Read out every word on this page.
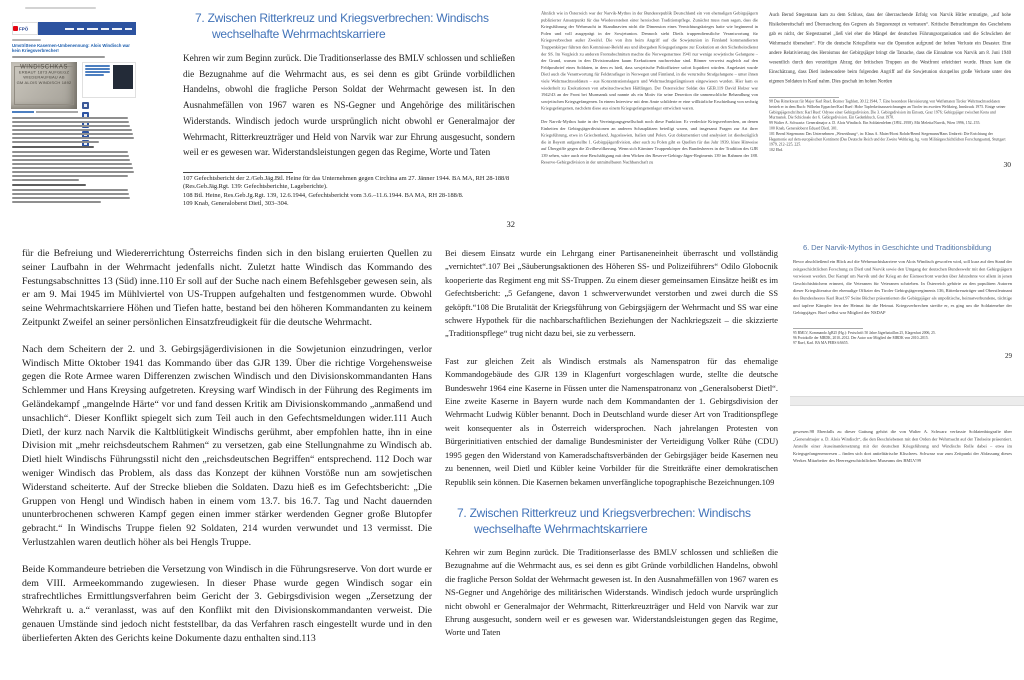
FPÖ
Umstrittene Kasernen-Umbenennung: Alois Windisch war kein Kriegsverbrecher!
WINDISCHKAS
ERBAUT 1873 AUFGEGZ
WIEDERAUFBAU AB
GM ALOIS WINDISCH 1892
7. Zwischen Ritterkreuz und Kriegsverbrechen: Windischs wechselhafte Wehrmachtskarriere
Kehren wir zum Beginn zurück. Die Traditionserlasse des BMLV schlossen und schließen die Bezugnahme auf die Wehrmacht aus, es sei denn es gibt Gründe vorbildlichen Handelns, obwohl die fragliche Person Soldat der Wehrmacht gewesen ist. In den Ausnahmefällen von 1967 waren es NS-Gegner und Angehörige des militärischen Widerstands. Windisch jedoch wurde ursprünglich nicht obwohl er Generalmajor der Wehrmacht, Ritterkreuzträger und Held von Narvik war zur Ehrung ausgesucht, sondern weil er es gewesen war. Widerstandsleistungen gegen das Regime, Worte und Taten
107 Gefechtsbericht der 2./Geb.Jäg.Btl. Heine für das Unternehmen gegen Circhina am 27. Jänner 1944. BA MA, RH 28-188/8 (Res.Geb.Jäg.Rgt. 139: Gefechtsberichte, Lageberichte).
108 Btl. Heine, Res.Geb.Jg.Rgt. 139, 12.6.1944, Gefechtsbericht vom 3.6.–11.6.1944. BA MA, RH 28-188/8.
109 Knab, Generaloberst Dietl, 303–304.
32
Ähnlich wie in Österreich war der Narvik-Mythos in der Bundesrepublik Deutschland ein von ehemaligen Gebirgsjägern publizierter Ansatzpunkt für das Wiedererstehen einer heroischen Traditionspflege. Zunächst muss man sagen, dass die Kriegsführung der Wehrmacht in Skandinavien nicht die Dimension eines Vernichtungskrieges hatte wie beginnend in Polen und voll ausgeprägt in der Sowjetunion. Dennoch steht Dietls truppendienstliche Verantwortung für Kriegsverbrechen außer Zweifel. Die von ihm beim Angriff auf die Sowjetunion in Finnland kommandierten Truppenkörper führten den Kommissar-Befehl aus und übergaben Kriegsgefangene zur Exekution an den Sicherheitsdienst der SS. Im Vergleich zu anderen Frontabschnitten machte die Norwegenarmee 1941 nur wenige sowjetische Gefangene – der Grund, warum in den Divisionsakten kaum Exekutionen nachweisbar sind. Rönner verweist zugleich auf den Feldpostbrief eines Soldaten, in dem es hieß, dass sowjetische Politoffiziere sofort liquidiert würden. Angelastet wurde Dietl auch die Verantwortung für Feldstraflager in Norwegen und Finnland, in die verurteilte Strafgefangene – unter ihnen viele Wehrmachtssoldaten – aus Konzentrationslagern und Wehrmachtsgefängnissen eingewiesen wurden. Hier kam es wiederholt zu Exekutionen von arbeitsschwachen Häftlingen. Der Österreicher Soldat des GEB.119 David Holzer war 1942/43 an der Front bei Murmansk und nannte als ein Motiv für seine Desertion die unmenschliche Behandlung von sowjetischen Kriegsgefangenen. In einem Interview mit dem Amte schilderte er eine willkürliche Erschießung von sechzig Kriegsgefangenen, nachdem diese aus einem Kriegsgefangenenlager entwichen waren.
Der Narvik-Mythos hatte in der Vereinigungsgesellschaft noch diese Funktion: Er verdeckte Kriegsverbrechen, an denen Einheiten der Gebirgsjägerdivisionen an anderen Schauplätzen beteiligt waren, und insgesamt Fragen zur Art ihrer Kriegsführung, etwa in Griechenland, Jugoslawien, Italien und Polen. Gut dokumentiert und analysiert ist diesbezüglich die in Bayern aufgestellte 1. Gebirgsjägerdivision, aber auch zu Polen gibt es Quellen für das Jahr 1939, klare Hinweise auf Übergriffe gegen die Zivilbevölkerung. Wenn sich Kärntner Truppenkörper des Bundesheeres in der Tradition des GJR 139 sehen, wäre auch eine Beschäftigung mit dem Wirken des Reserve-Gebirgs-Jäger-Regiments 139 im Rahmen der 188. Reserve-Gebirgsdivision in der unmittelbaren Nachbarschaft zu
Auch Bernd Stegemann kam zu dem Schluss, dass der überraschende Erfolg von Narvik Hitler ermutigte, „auf hohe Risikobereitschaft und Überraschung des Gegners als Siegesrezept zu vertrauen“. Kritische Betrachtungen des Geschehens gab es nicht, der Siegestaumel „ließ viel eher die Mängel der deutschen Führungsorganisation und die Schwächen der Wehrmacht übersehen“. Für die deutsche Kriegsflotte war die Operation aufgrund der hohen Verluste ein Desaster. Eine andere Relativierung des Heroismus der Gebirgsjäger bringt die Tatsache, dass die Einnahme von Narvik am 8. Juni 1940 wesentlich durch den vorzeitigen Abzug der britischen Truppen an die Westfront erleichtert wurde. Hinzu kam die Einschätzung, dass Dietl insbesondere beim folgenden Angriff auf die Sowjetunion skrupellos große Verluste unter den eigenen Soldaten in Kauf nahm. Dies geschah im hohen Norden
98 Das Ritterkreuz für Major Karl Ruef, Bozner Tagblatt, 30.12.1944, 7. Eine besondere Heroisierung von Waffentaten Tiroler Wehrmachtssoldaten betrieb er in dem Buch: Wilhelm Eppacher/Karl Ruef: Hohe Tapferkeitsauszeichnungen an Tiroler im zweiten Weltkrieg, Innsbruck 1975. Einige seiner Gebirgsjägerschriften: Karl Ruef: Odysee einer Gebirgsdivision. Die 3. Gebirgsdivision im Einsatz, Graz 1976; Gebirgsjäger zwischen Kreta und Murmansk. Die Schicksale der 6. Gebirgsdivision. Ein Gedenkbuch, Graz 1970.
99 Walter A. Schwartz: Generalmajor a. D. Alois Windisch. Ein Soldatenleben (1892–1958). Mit Meletta/Narvik, Wien 1996, 152–155.
100 Knab, Generaloberst Eduard Dietl, 301.
101 Bernd Stegemann: Das Unternehmen „Weserübung“, in: Klaus A. Maier/Horst Rohde/Bernd Stegemann/Hans Umbreit: Die Errichtung der Hegemonie auf dem europäischen Kontinent (Das Deutsche Reich und der Zweite Weltkrieg, hg. vom Militärgeschichtlichen Forschungsamt), Stuttgart 1979, 212–225, 225.
102 Ebd.
30
für die Befreiung und Wiedererrichtung Österreichs finden sich in den bislang eruierten Quellen zu seiner Laufbahn in der Wehrmacht jedenfalls nicht. Zuletzt hatte Windisch das Kommando des Festungsabschnittes 13 (Süd) inne.110 Er soll auf der Suche nach einem Befehlsgeber gewesen sein, als er am 9. Mai 1945 im Mühlviertel von US-Truppen aufgehalten und festgenommen wurde. Obwohl seine Wehrmachtskarriere Höhen und Tiefen hatte, bestand bei den höheren Kommandanten zu keinem Zeitpunkt Zweifel an seiner persönlichen Einsatzfreudigkeit für die deutsche Wehrmacht.
Nach dem Scheitern der 2. und 3. Gebirgsjägerdivisionen in die Sowjetunion einzudringen, verlor Windisch Mitte Oktober 1941 das Kommando über das GJR 139. Über die richtige Vorgehensweise gegen die Rote Armee waren Differenzen zwischen Windisch und den Divisionskommandanten Hans Schlemmer und Hans Kreysing aufgetreten. Kreysing warf Windisch in der Führung des Regiments im Geländekampf „mangelnde Härte“ vor und fand dessen Kritik am Divisionskommando „anmaßend und unsachlich“. Dieser Konflikt spiegelt sich zum Teil auch in den Gefechtsmeldungen wider.111 Auch Dietl, der kurz nach Narvik die Kaltblütigkeit Windischs gerühmt, aber empfohlen hatte, ihn in eine Division mit „mehr reichsdeutschem Rahmen“ zu versetzen, gab eine Stellungnahme zu Windisch ab. Dietl hielt Windischs Führungsstil nicht den „reichsdeutschen Begriffen“ entsprechend. 112 Doch war weniger Windisch das Problem, als dass das Konzept der kühnen Vorstöße nun am sowjetischen Widerstand scheiterte. Auf der Strecke blieben die Soldaten. Dazu hieß es im Gefechtsbericht: „Die Gruppen von Hengl und Windisch haben in einem vom 13.7. bis 16.7. Tag und Nacht dauernden ununterbrochenen schweren Kampf gegen einen immer stärker werdenden Gegner große Blutopfer gebracht.“ In Windischs Truppe fielen 92 Soldaten, 214 wurden verwundet und 13 vermisst. Die Verlustzahlen waren deutlich höher als bei Hengls Truppe.
Beide Kommandeure betrieben die Versetzung von Windisch in die Führungsreserve. Von dort wurde er dem VIII. Armeekommando zugewiesen. In dieser Phase wurde gegen Windisch sogar ein strafrechtliches Ermittlungsverfahren beim Gericht der 3. Gebirgsdivision wegen „Zersetzung der Wehrkraft u. a.“ veranlasst, was auf den Konflikt mit den Divisionskommandanten verweist. Die genauen Umstände sind jedoch nicht feststellbar, da das Verfahren rasch eingestellt wurde und in den überlieferten Akten des Gerichts keine Dokumente dazu enthalten sind.113
Bei diesem Einsatz wurde ein Lehrgang einer Partisaneneinheit überrascht und vollständig „vernichtet“.107 Bei „Säuberungsaktionen des Höheren SS- und Polizeiführers“ Odilo Globocnik kooperierte das Regiment eng mit SS-Truppen. Zu einem dieser gemeinsamen Einsätze heißt es im Gefechtsbericht: „5 Gefangene, davon 1 schwerverwundet verstorben und zwei durch die SS geköpft.“108 Die Brutalität der Kriegsführung von Gebirgsjägern der Wehrmacht und SS war eine schwere Hypothek für die nachbarschaftlichen Beziehungen der Nachkriegszeit – die skizzierte „Traditionspflege“ trug nicht dazu bei, sie zu verbessern.
Fast zur gleichen Zeit als Windisch erstmals als Namenspatron für das ehemalige Kommandogebäude des GJR 139 in Klagenfurt vorgeschlagen wurde, stellte die deutsche Bundeswehr 1964 eine Kaserne in Füssen unter die Namenspatronanz von „Generalsoberst Dietl“. Eine zweite Kaserne in Bayern wurde nach dem Kommandanten der 1. Gebirgsdivision der Wehrmacht Ludwig Kübler benannt. Doch in Deutschland wurde dieser Art von Traditionspflege weit konsequenter als in Österreich widersprochen. Nach jahrelangen Protesten von Bürgerinitiativen entschied der damalige Bundesminister der Verteidigung Volker Rühe (CDU) 1995 gegen den Widerstand von Kameradschaftsverbänden der Gebirgsjäger beide Kasernen neu zu benennen, weil Dietl und Kübler keine Vorbilder für die Streitkräfte einer demokratischen Republik sein können. Die Kasernen bekamen unverfängliche topographische Bezeichnungen.109
7. Zwischen Ritterkreuz und Kriegsverbrechen: Windischs wechselhafte Wehrmachtskarriere
Kehren wir zum Beginn zurück. Die Traditionserlasse des BMLV schlossen und schließen die Bezugnahme auf die Wehrmacht aus, es sei denn es gibt Gründe vorbildlichen Handelns, obwohl die fragliche Person Soldat der Wehrmacht gewesen ist. In den Ausnahmefällen von 1967 waren es NS-Gegner und Angehörige des militärischen Widerstands. Windisch jedoch wurde ursprünglich nicht obwohl er Generalmajor der Wehrmacht, Ritterkreuzträger und Held von Narvik war zur Ehrung ausgesucht, sondern weil er es gewesen war. Widerstandsleistungen gegen das Regime, Worte und Taten
6. Der Narvik-Mythos in Geschichte und Traditionsbildung
Bevor abschließend ein Blick auf die Wehrmachtskarriere von Alois Windisch geworfen wird, soll kurz auf den Stand der zeitgeschichtlichen Forschung zu Dietl und Narvik sowie den Umgang der deutschen Bundeswehr mit den Gebirgsjägern verwiesen werden. Der Kampf um Narvik und der Krieg an der Eismeerfront wurden über Jahrzehnte vor allem in jenen Geschichtsbüchern erinnert, die Veteranen für Veteranen schrieben. In Österreich gehörte zu den populären Autoren dieser Kriegsliteratur der ehemalige Offizier des Tiroler Gebirgsjägerregiments 136, Ritterkreuzträger und Oberstleutnant des Bundesheeres Karl Ruef.97 Seine Bücher präsentierten die Gebirgsjäger als unpolitische, heimatverbundene, tüchtige und tapfere Kämpfer fern der Heimat für die Heimat. Kriegsverbrechen streifte er, es ging um die Soldatenehre der Gebirgsjäger. Ruef selbst war Mitglied der NSDAP
95 BMLV, Kommando JgB25 (Hg.): Festschrift 50 Jahre Jägerbataillon 25, Klagenfurt 2006, 25.
96 Protokolle der MBDK, 2010–2012. Der Autor war Mitglied der MBDK von 2010–2015.
97 Ruef, Karl. BA MA PERS 6/6655.
29
gewesen.98 Ebenfalls zu dieser Gattung gehört die von Walter A. Schwarz verfasste Soldatenbiografie über „Generalmajor a. D. Alois Windisch“, die den Beschriebenen mit den Orden der Wehrmacht auf der Titelseite präsentiert. Anstelle einer Auseinandersetzung mit der deutschen Kriegsführung und Windischs Rolle dabei – etwa im Kriegsgefangenenwesen – finden sich dort antielitärische Klischees. Schwarz war zum Zeitpunkt der Abfassung dieses Werkes Mitarbeiter des Heeresgeschichtlichen Museums des BMLV.99
